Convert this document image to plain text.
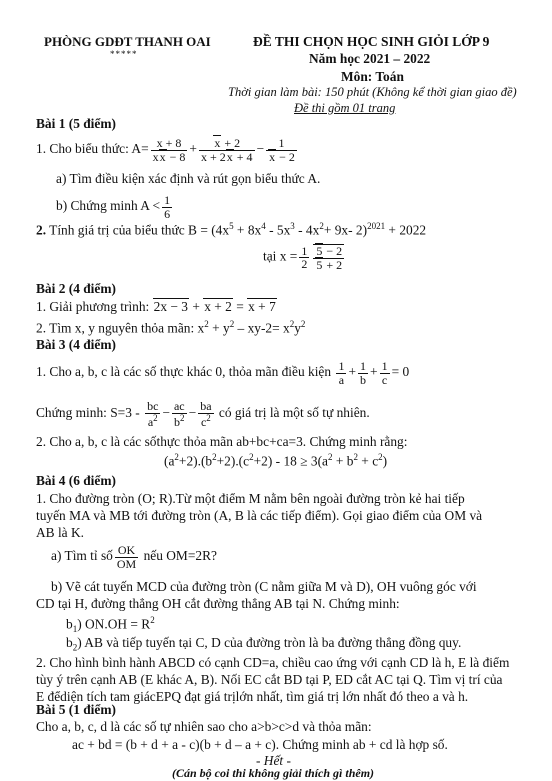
PHÒNG GDĐT THANH OAI
*****
ĐỀ THI CHỌN HỌC SINH GIỎI LỚP 9
Năm học 2021 – 2022
Môn: Toán
Thời gian làm bài: 150 phút (Không kể thời gian giao đề)
Đề thi gồm 01 trang
Bài 1 (5 điểm)
1. Cho biểu thức: $A= \frac{x + 8}{xx - 8} + \frac{x + 2}{x + 2x + 4} - \frac{1}{x - 2}$
a) Tìm điều kiện xác định và rút gọn biểu thức A.
b) Chứng minh $A < \frac{1}{6}$
2. Tính giá trị của biểu thức $B = (4x^5 + 8x^4 - 5x^3 - 4x^2+ 9x-$ 2)$^{2021}$ + 2022
tại $x = \frac{1}{2} \frac{5 - 2}{5 + 2}$
Bài 2 (4 điểm)
1. Giải phương trình: 2x − 3 + x + 2 = x + 7
2. Tìm x, y nguyên thỏa mãn: $x^2 + y^2 - xy-2= x^2y^2$
Bài 3 (4 điểm)
1. Cho a, b, c là các số thực khác 0, thỏa mãn điều kiện $\frac{1}{a} + \frac{1}{b} + \frac{1}{c} = 0$
Chứng minh: $S=3 - \frac{bc}{a^2} - \frac{ac}{b^2} - \frac{ba}{c^2}$ có giá trị là một số tự nhiên.
2. Cho a, b, c là các sốthực thỏa mãn ab+bc+ca=3. Chứng minh rằng:
$(a^2+2).(b^2+2).(c^2+2) - 18 \ge 3(a^2 + b^2 + c^2)$
Bài 4 (6 điểm)
1. Cho đường tròn (O; R).Từ một điểm M nằm bên ngoài đường tròn kẻ hai tiếp
tuyến MA và MB tới đường tròn (A, B là các tiếp điểm). Gọi giao điểm của OM và
AB là K.
a) Tìm tỉ số $\frac{OK}{OM}$ nếu OM=2R?
b) Vẽ cát tuyến MCD của đường tròn (C nằm giữa M và D), OH vuông góc với
CD tại H, đường thẳng OH cắt đường thẳng AB tại N. Chứng minh:
$b_1$) $ON.OH = R^2$
$b_2$) AB và tiếp tuyến tại C, D của đường tròn là ba đường thẳng đồng quy.
2. Cho hình bình hành ABCD có cạnh CD=a, chiều cao ứng với cạnh CD là h, E là điểm
tùy ý trên cạnh AB (E khác A, B). Nối EC cắt BD tại P, ED cắt AC tại Q. Tìm vị trí của
E đểdiện tích tam giácEPQ đạt giá trịlớn nhất, tìm giá trị lớn nhất đó theo a và h.
Bài 5 (1 điểm)
Cho a, b, c, d là các số tự nhiên sao cho a>b>c>d và thỏa mãn:
ac + bd = (b + d + a - c)(b + d – a + c). Chứng minh ab + cd là hợp số.
- Hết -
(Cán bộ coi thi không giải thích gì thêm)
